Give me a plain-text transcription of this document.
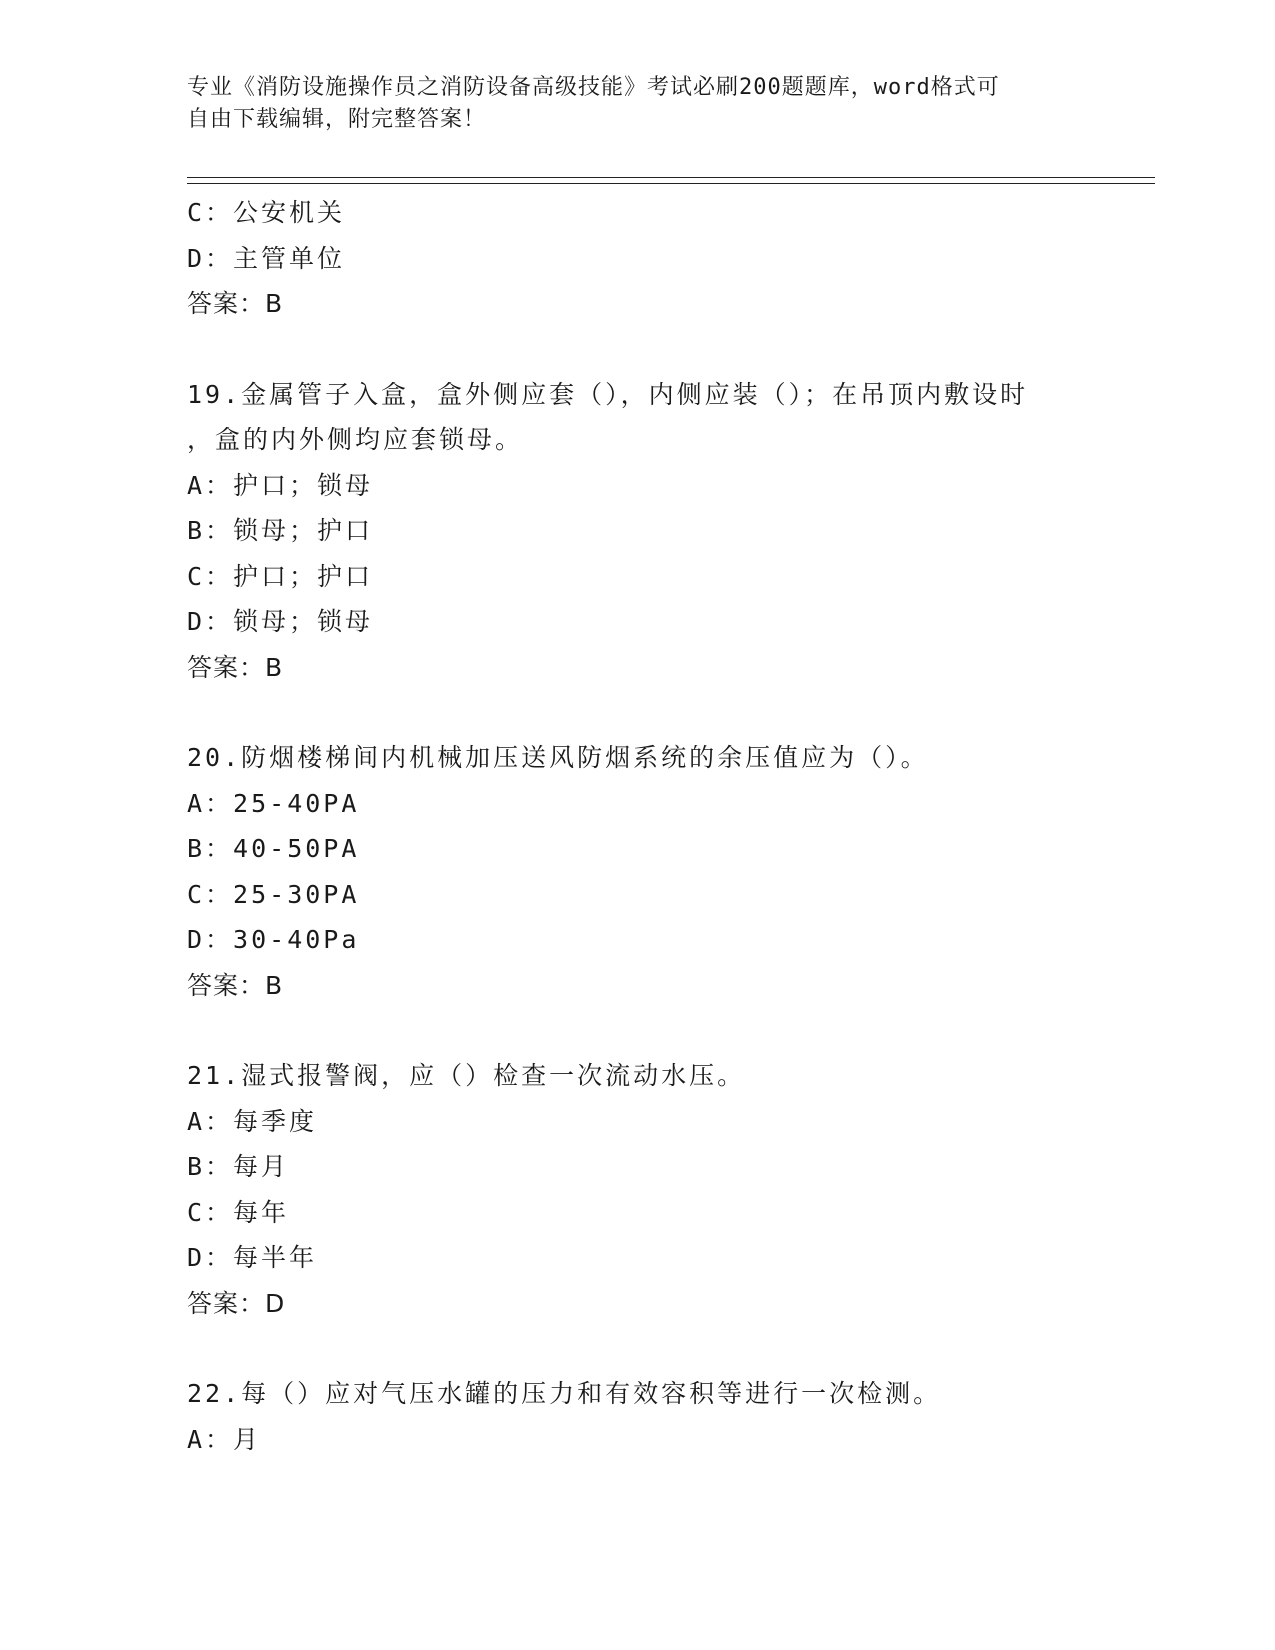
专业《消防设施操作员之消防设备高级技能》考试必刷200题题库，word格式可
自由下载编辑，附完整答案！
C：公安机关
D：主管单位
答案：B
19.金属管子入盒，盒外侧应套（），内侧应装（）；在吊顶内敷设时
，盒的内外侧均应套锁母。
A：护口；锁母
B：锁母；护口
C：护口；护口
D：锁母；锁母
答案：B
20.防烟楼梯间内机械加压送风防烟系统的余压值应为（）。
A：25-40PA
B：40-50PA
C：25-30PA
D：30-40Pa
答案：B
21.湿式报警阀，应（）检查一次流动水压。
A：每季度
B：每月
C：每年
D：每半年
答案：D
22.每（）应对气压水罐的压力和有效容积等进行一次检测。
A：月
